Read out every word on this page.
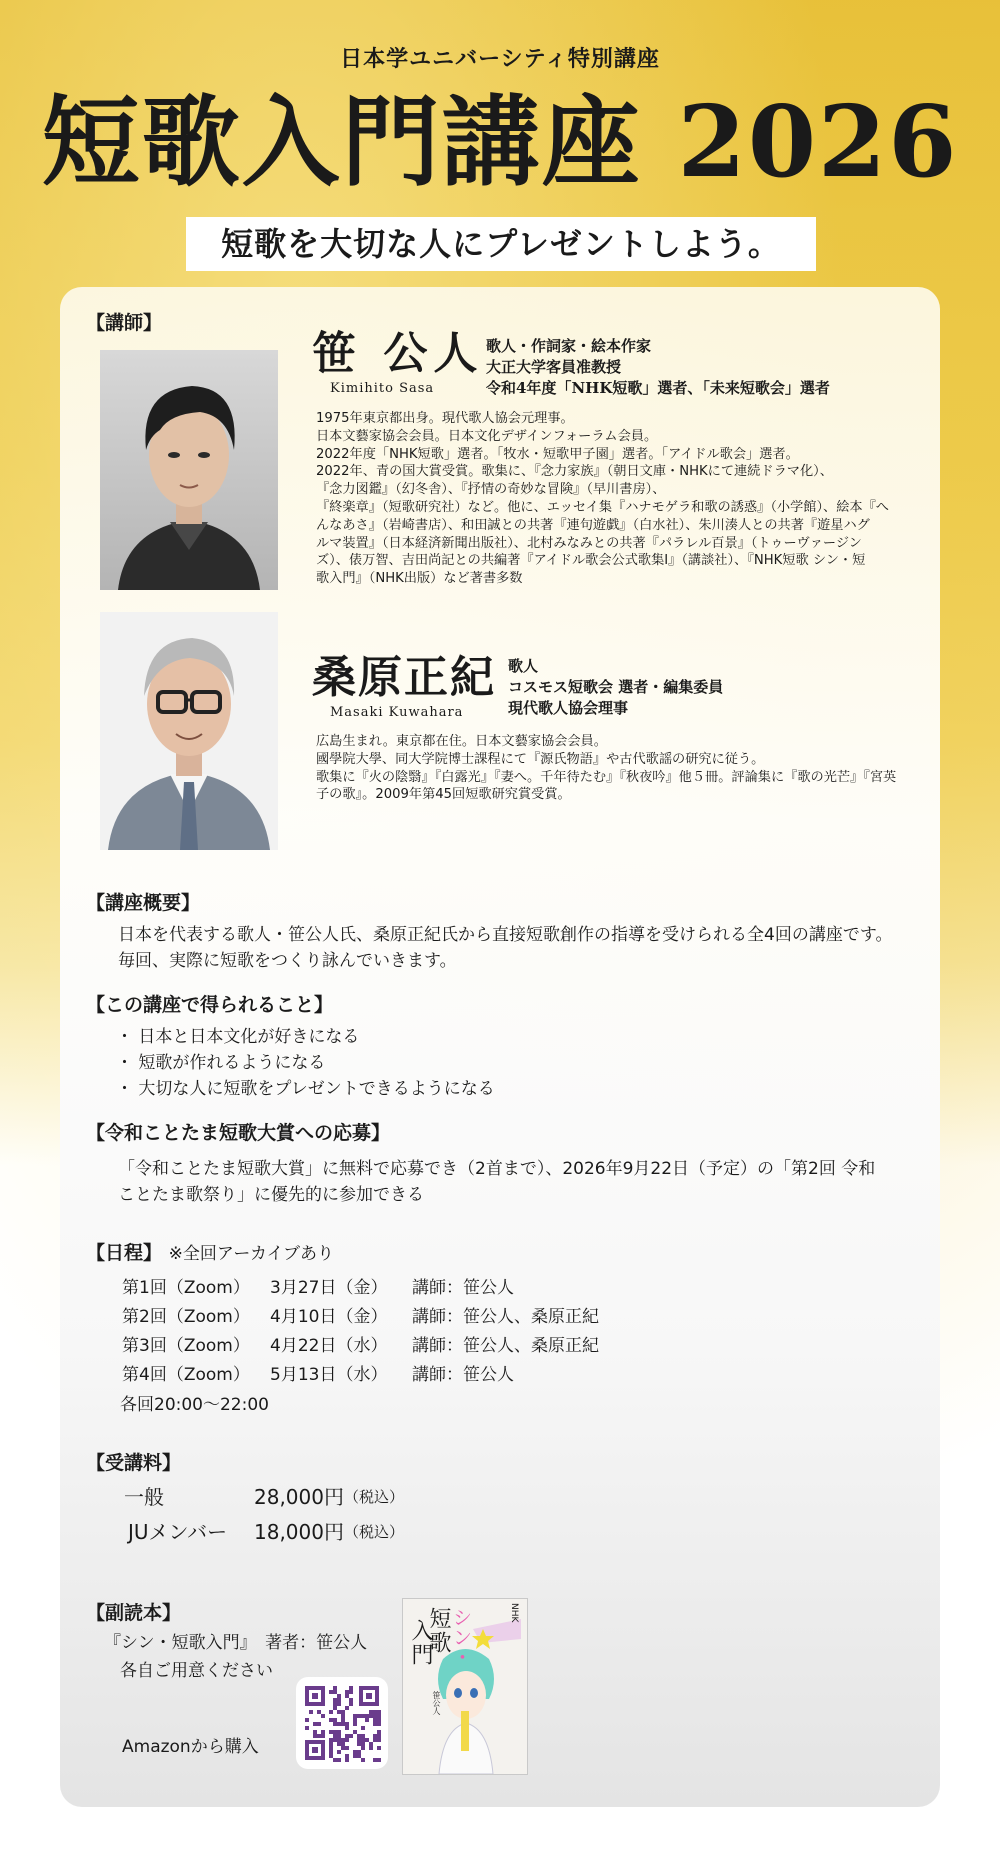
日本学ユニバーシティ特別講座
短歌入門講座 2026
短歌を大切な人にプレゼントしよう。
【講師】
笹 公人
Kimihito Sasa
歌人・作詞家・絵本作家
大正大学客員准教授
令和4年度「NHK短歌」選者、「未来短歌会」選者
1975年東京都出身。現代歌人協会元理事。
日本文藝家協会会員。日本文化デザインフォーラム会員。
2022年度「NHK短歌」選者。「牧水・短歌甲子園」選者。「アイドル歌会」選者。
2022年、青の国大賞受賞。歌集に、『念力家族』（朝日文庫・NHKにて連続ドラマ化）、
『念力図鑑』（幻冬舎）、『抒情の奇妙な冒険』（早川書房）、
『終楽章』（短歌研究社）など。他に、エッセイ集『ハナモゲラ和歌の誘惑』（小学館）、絵本『へ
んなあさ』（岩崎書店）、和田誠との共著『連句遊戯』（白水社）、朱川湊人との共著『遊星ハグ
ルマ装置』（日本経済新聞出版社）、北村みなみとの共著『パラレル百景』（トゥーヴァージン
ズ）、俵万智、吉田尚記との共編著『アイドル歌会公式歌集Ⅰ』（講談社）、『NHK短歌 シン・短
歌入門』（NHK出版）など著書多数
桑原正紀
Masaki Kuwahara
歌人
コスモス短歌会 選者・編集委員
現代歌人協会理事
広島生まれ。東京都在住。日本文藝家協会会員。
國學院大學、同大学院博士課程にて『源氏物語』や古代歌謡の研究に従う。
歌集に『火の陰翳』『白露光』『妻へ。千年待たむ』『秋夜吟』他５冊。評論集に『歌の光芒』『宮英
子の歌』。2009年第45回短歌研究賞受賞。
【講座概要】
日本を代表する歌人・笹公人氏、桑原正紀氏から直接短歌創作の指導を受けられる全4回の講座です。
毎回、実際に短歌をつくり詠んでいきます。
【この講座で得られること】
・ 日本と日本文化が好きになる
・ 短歌が作れるようになる
・ 大切な人に短歌をプレゼントできるようになる
【令和ことたま短歌大賞への応募】
「令和ことたま短歌大賞」に無料で応募でき（2首まで）、2026年9月22日（予定）の「第2回 令和
ことたま歌祭り」に優先的に参加できる
【日程】 ※全回アーカイブあり
第1回（Zoom）	3月27日（金）	講師：笹公人
第2回（Zoom）	4月10日（金）	講師：笹公人、桑原正紀
第3回（Zoom）	4月22日（水）	講師：笹公人、桑原正紀
第4回（Zoom）	5月13日（水）	講師：笹公人
各回20:00〜22:00
【受講料】
一般	28,000円 （税込）
JUメンバー	18,000円 （税込）
【副読本】
『シン・短歌入門』　著者：笹公人
各自ご用意ください
Amazonから購入
短歌
入門 シン・	NHK
笹公人
